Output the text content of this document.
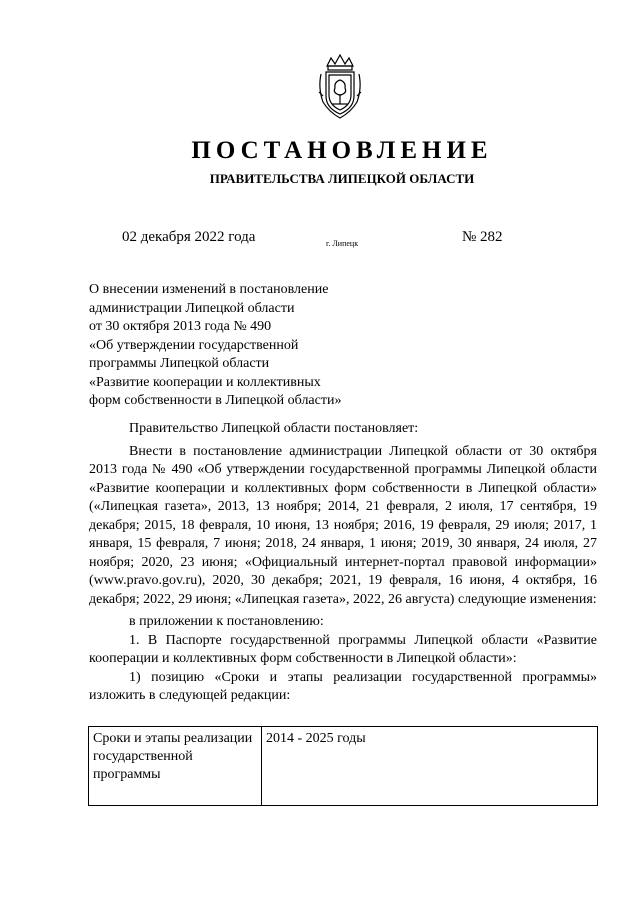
ПОСТАНОВЛЕНИЕ
ПРАВИТЕЛЬСТВА ЛИПЕЦКОЙ ОБЛАСТИ
02 декабря 2022 года	г. Липецк	№ 282
О внесении изменений в постановление
администрации Липецкой области
от 30 октября 2013 года № 490
«Об утверждении государственной
программы Липецкой области
«Развитие кооперации и коллективных
форм собственности в Липецкой области»

Правительство Липецкой области постановляет:

Внести в постановление администрации Липецкой области от 30 октября 2013 года № 490 «Об утверждении государственной программы Липецкой области «Развитие кооперации и коллективных форм собственности в Липецкой области» («Липецкая газета», 2013, 13 ноября; 2014, 21 февраля, 2 июля, 17 сентября, 19 декабря; 2015, 18 февраля, 10 июня, 13 ноября; 2016, 19 февраля, 29 июля; 2017, 1 января, 15 февраля, 7 июня; 2018, 24 января, 1 июня; 2019, 30 января, 24 июля, 27 ноября; 2020, 23 июня; «Официальный интернет-портал правовой информации» (www.pravo.gov.ru), 2020, 30 декабря; 2021, 19 февраля, 16 июня, 4 октября, 16 декабря; 2022, 29 июня; «Липецкая газета», 2022, 26 августа) следующие изменения:

в приложении к постановлению:

1. В Паспорте государственной программы Липецкой области «Развитие кооперации и коллективных форм собственности в Липецкой области»:

1) позицию «Сроки и этапы реализации государственной программы» изложить в следующей редакции:

Сроки и этапы реализации государственной программы	2014 - 2025 годы
